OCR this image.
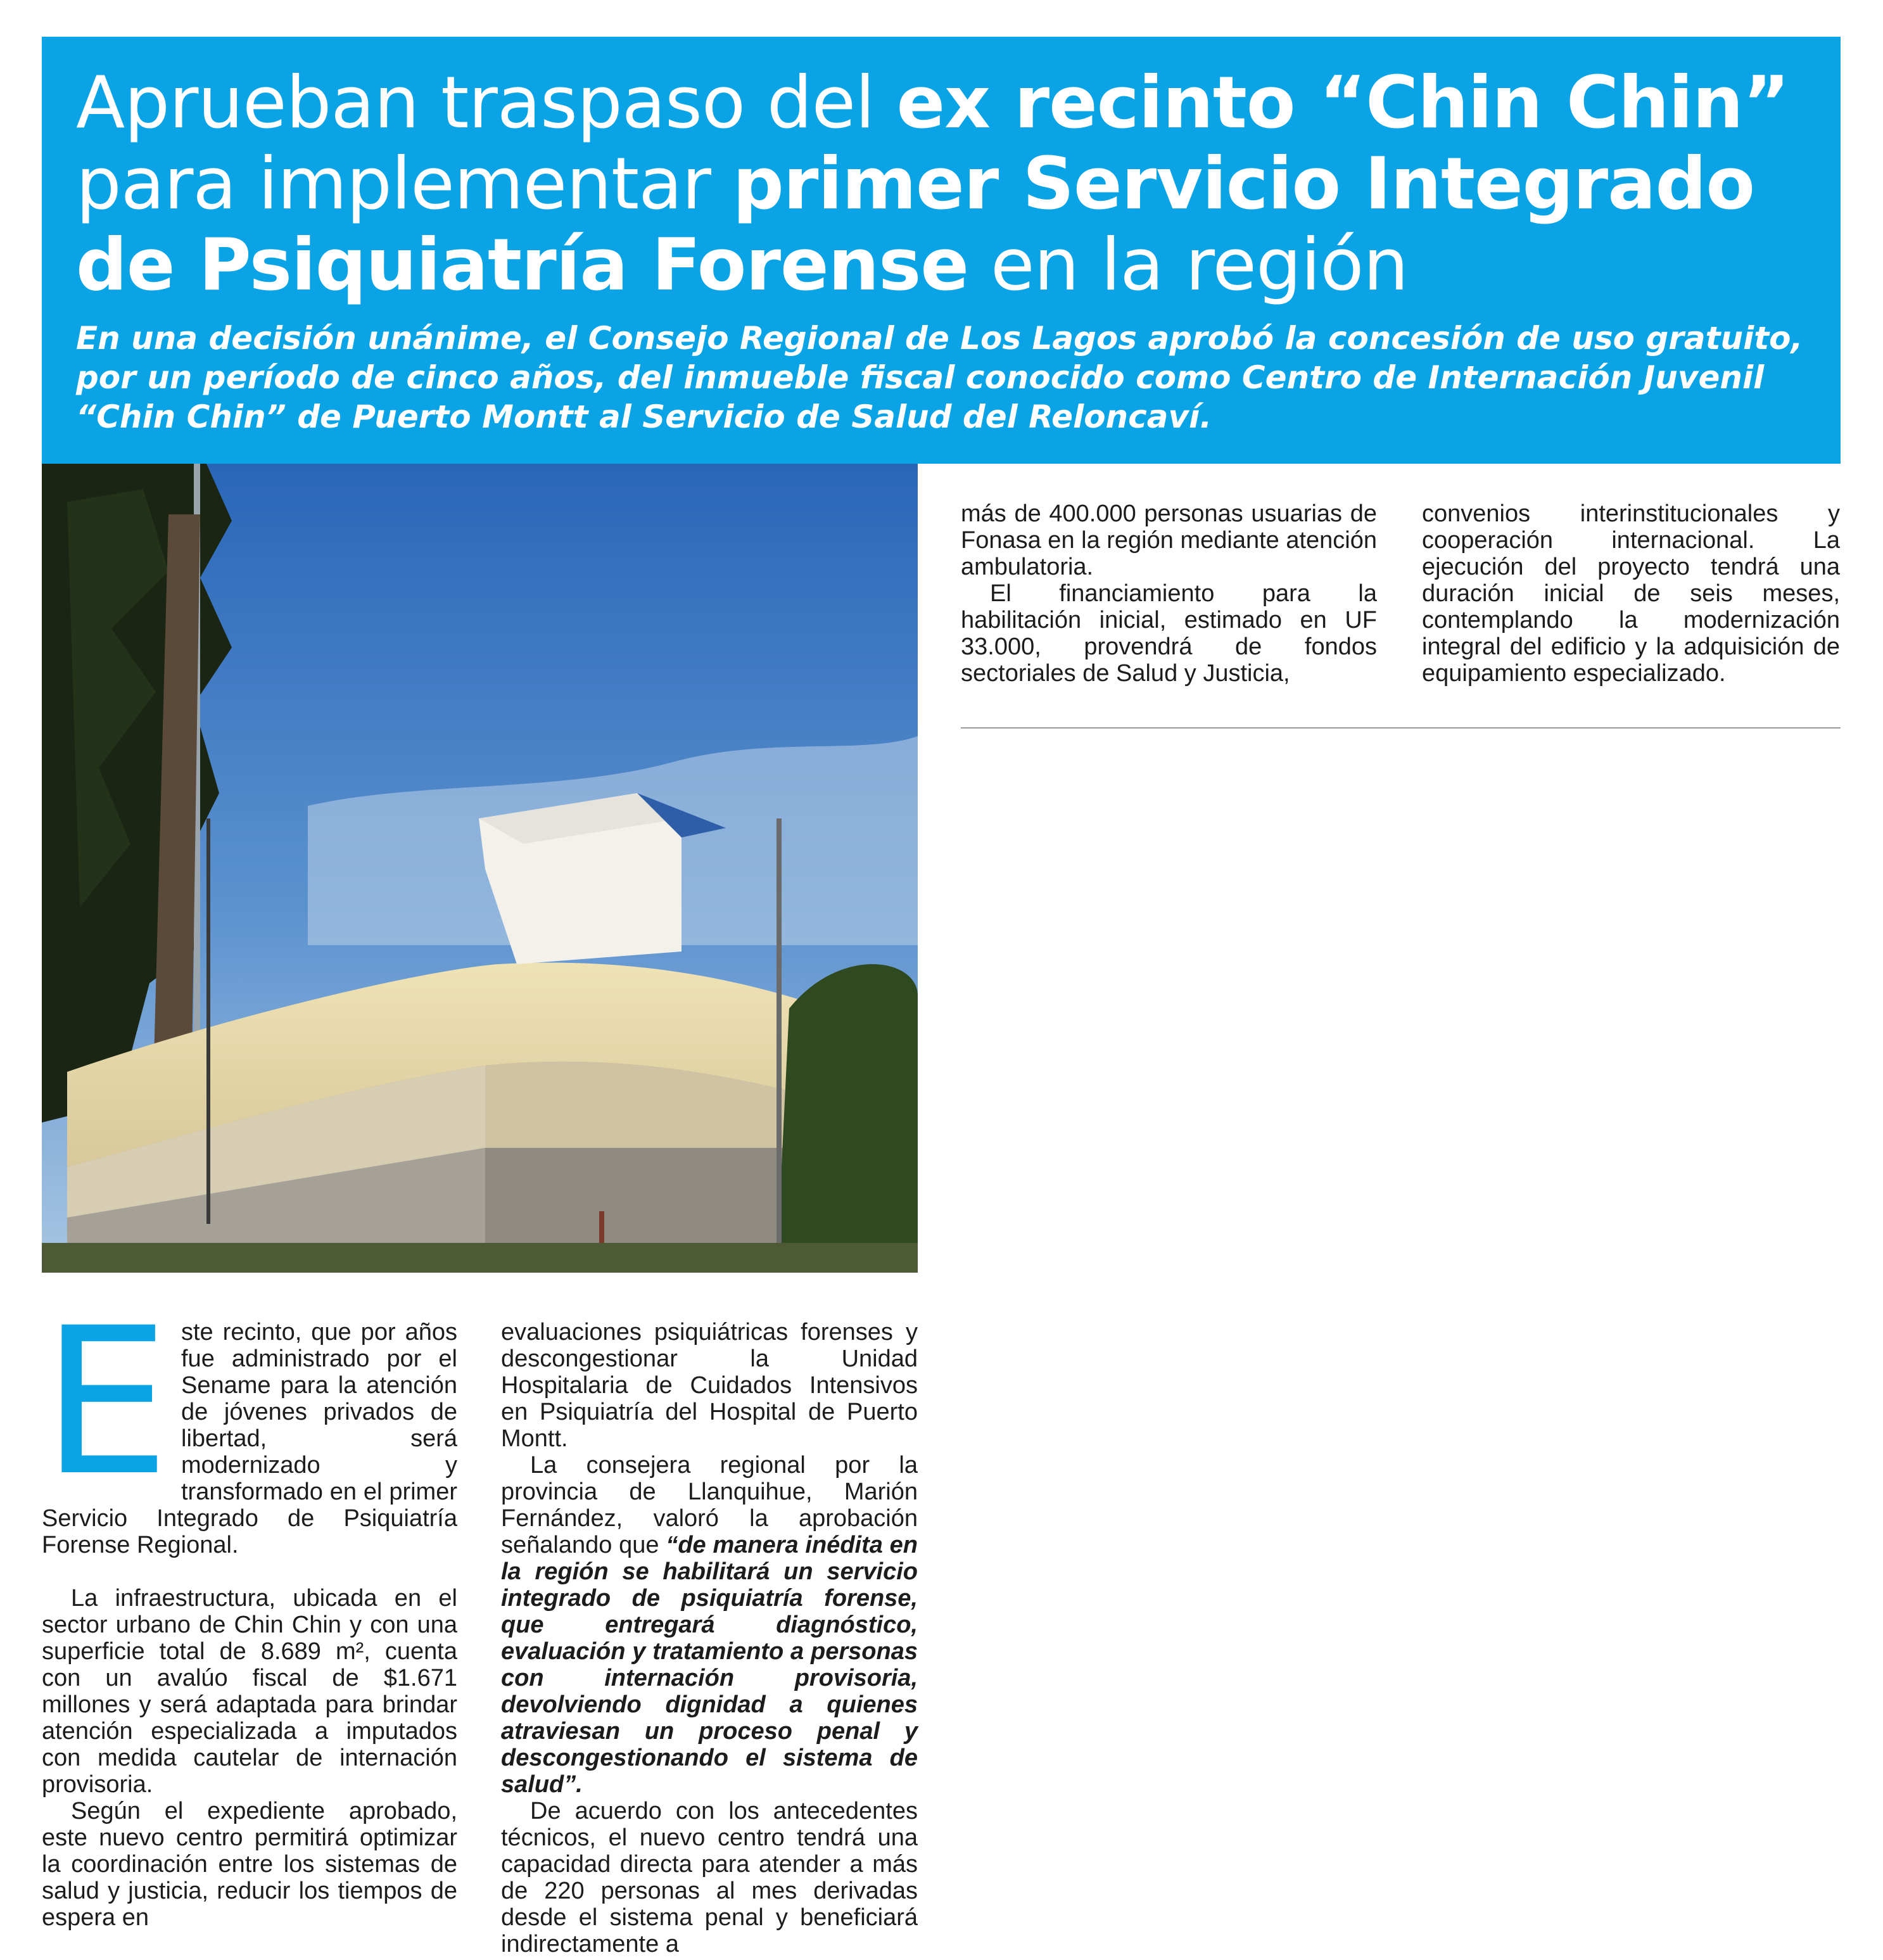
Aprueban traspaso del ex recinto “Chin Chin”
para implementar primer Servicio Integrado
de Psiquiatría Forense en la región

En una decisión unánime, el Consejo Regional de Los Lagos aprobó la concesión de uso gratuito, por un período de cinco años, del inmueble fiscal conocido como Centro de Internación Juvenil “Chin Chin” de Puerto Montt al Servicio de Salud del Reloncaví.

más de 400.000 personas usuarias de Fonasa en la región mediante atención ambulatoria.

El financiamiento para la habilitación inicial, estimado en UF 33.000, provendrá de fondos sectoriales de Salud y Justicia,

convenios interinstitucionales y cooperación internacional. La ejecución del proyecto tendrá una duración inicial de seis meses, contemplando la modernización integral del edificio y la adquisición de equipamiento especializado.

E ste recinto, que por años fue administrado por el Sename para la atención de jóvenes privados de libertad, será modernizado y transformado en el primer Servicio Integrado de Psiquiatría Forense Regional.

La infraestructura, ubicada en el sector urbano de Chin Chin y con una superficie total de 8.689 m², cuenta con un avalúo fiscal de $1.671 millones y será adaptada para brindar atención especializada a imputados con medida cautelar de internación provisoria.

Según el expediente aprobado, este nuevo centro permitirá optimizar la coordinación entre los sistemas de salud y justicia, reducir los tiempos de espera en

evaluaciones psiquiátricas forenses y descongestionar la Unidad Hospitalaria de Cuidados Intensivos en Psiquiatría del Hospital de Puerto Montt.

La consejera regional por la provincia de Llanquihue, Marión Fernández, valoró la aprobación señalando que “de manera inédita en la región se habilitará un servicio integrado de psiquiatría forense, que entregará diagnóstico, evaluación y tratamiento a personas con internación provisoria, devolviendo dignidad a quienes atraviesan un proceso penal y descongestionando el sistema de salud”.

De acuerdo con los antecedentes técnicos, el nuevo centro tendrá una capacidad directa para atender a más de 220 personas al mes derivadas desde el sistema penal y beneficiará indirectamente a
